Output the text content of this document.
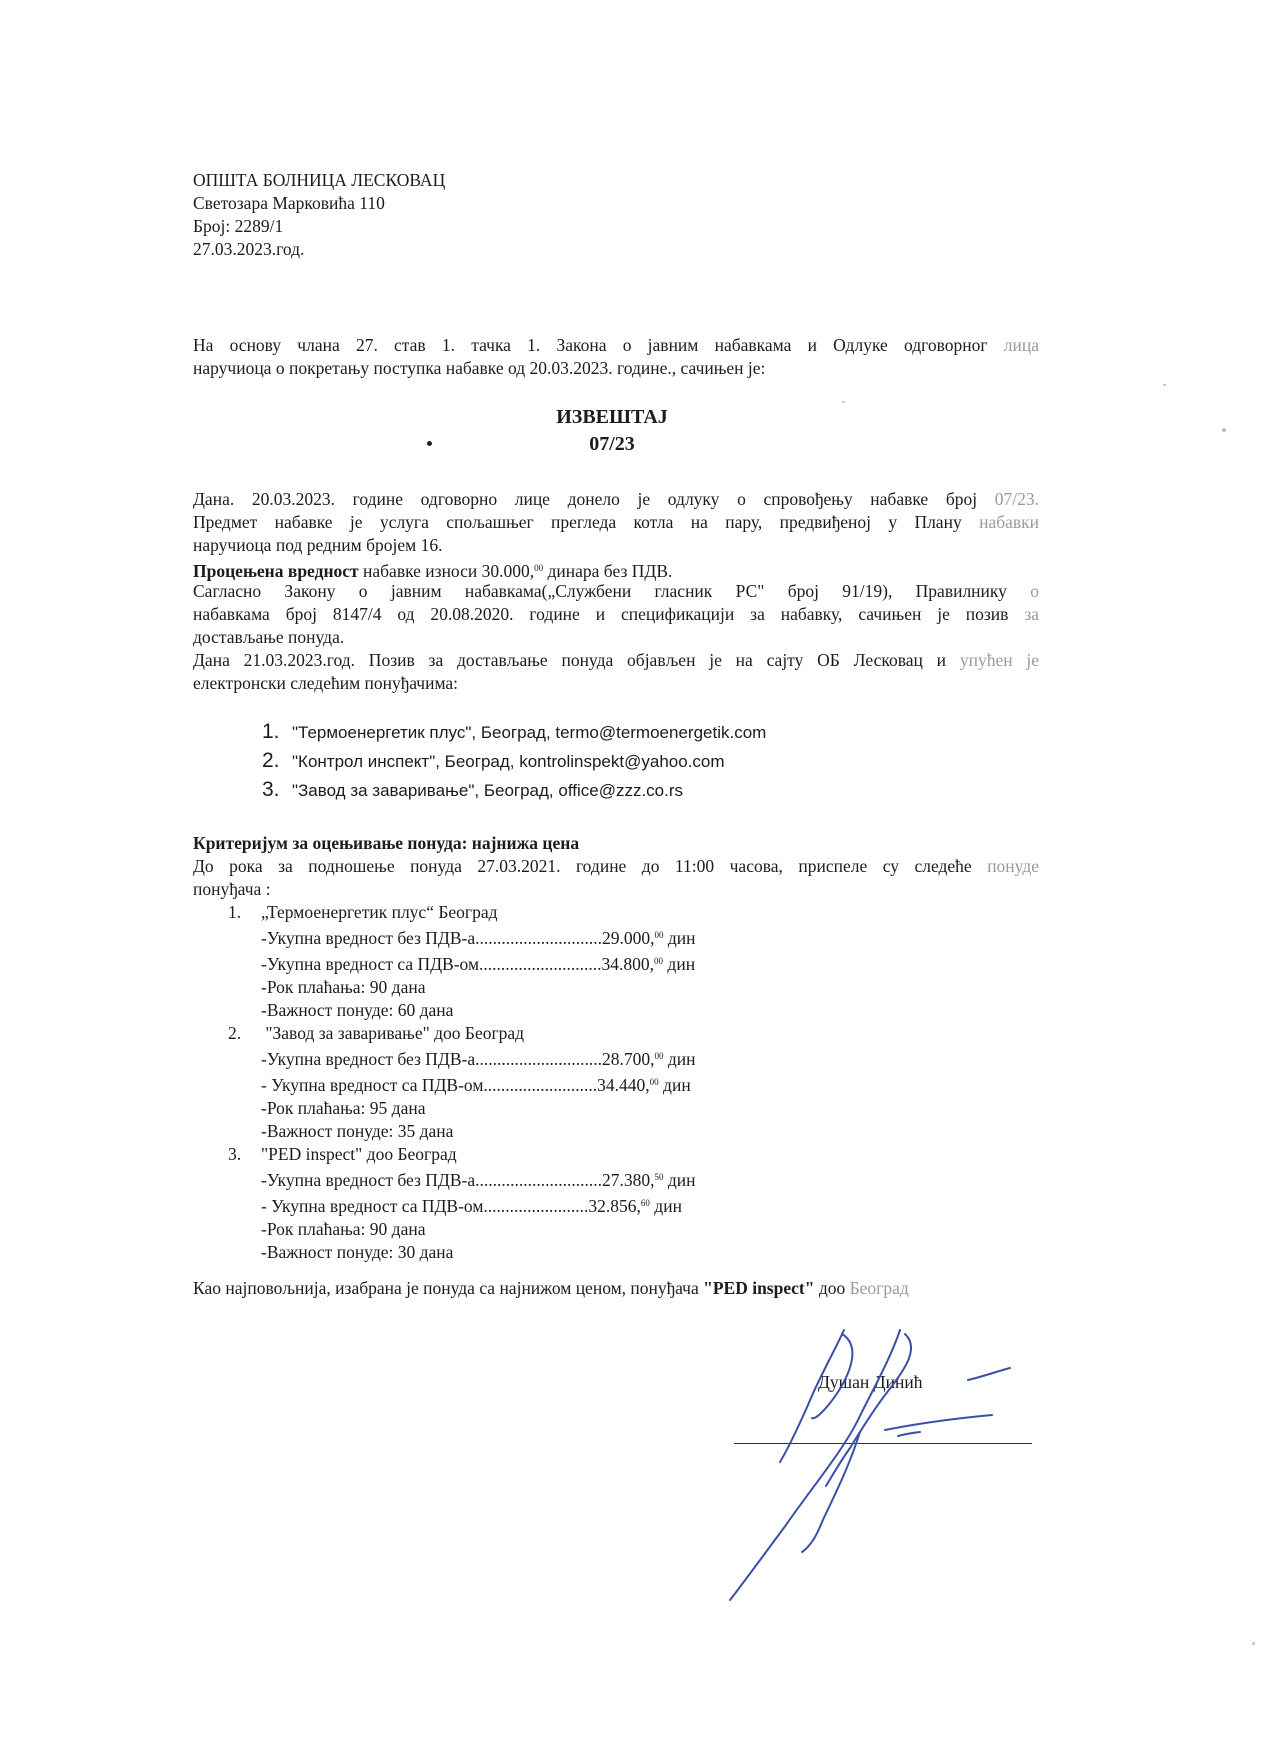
ОПШТА БОЛНИЦА ЛЕСКОВАЦ
Светозара Марковића 110
Број: 2289/1
27.03.2023.год.
На основу члана 27. став 1. тачка 1. Закона о јавним набавкама и Одлуке одговорног лица
наручиоца о покретању поступка набавке од 20.03.2023. године., сачињен је:
ИЗВЕШТАЈ
07/23
Дана. 20.03.2023. године одговорно лице донело је одлуку о спровођењу набавке број 07/23.
Предмет набавке је услуга спољашњег прегледа котла на пару, предвиђеној у Плану набавки
наручиоца под редним бројем 16.
Процењена вредност набавке износи 30.000,00 динара без ПДВ.
Сагласно Закону о јавним набавкама(„Службени гласник РС" број 91/19), Правилнику о
набавкама број 8147/4 од 20.08.2020. године и спецификацији за набавку, сачињен је позив за
достављање понуда.
Дана 21.03.2023.год. Позив за достављање понуда објављен је на сајту ОБ Лесковац и упућен је
електронски следећим понуђачима:
1. "Термоенергетик плус", Београд, termo@termoenergetik.com
2. "Контрол инспект", Београд, kontrolinspekt@yahoo.com
3. "Завод за заваривање", Београд, office@zzz.co.rs
Критеријум за оцењивање понуда: најнижа цена
До рока за подношење понуда 27.03.2021. године до 11:00 часова, приспеле су следеће понуде
понуђача :
1. „Термоенергетик плус“ Београд
-Укупна вредност без ПДВ-а.............................29.000,00 дин
-Укупна вредност са ПДВ-ом............................34.800,00 дин
-Рок плаћања: 90 дана
-Важност понуде: 60 дана
2. "Завод за заваривање" доо Београд
-Укупна вредност без ПДВ-а.............................28.700,00 дин
- Укупна вредност са ПДВ-ом..........................34.440,00 дин
-Рок плаћања: 95 дана
-Важност понуде: 35 дана
3. "PED inspect" доо Београд
-Укупна вредност без ПДВ-а.............................27.380,50 дин
- Укупна вредност са ПДВ-ом........................32.856,60 дин
-Рок плаћања: 90 дана
-Важност понуде: 30 дана
Као најповољнија, изабрана је понуда са најнижом ценом, понуђача "PED inspect" доо Београд
Душан Динић
